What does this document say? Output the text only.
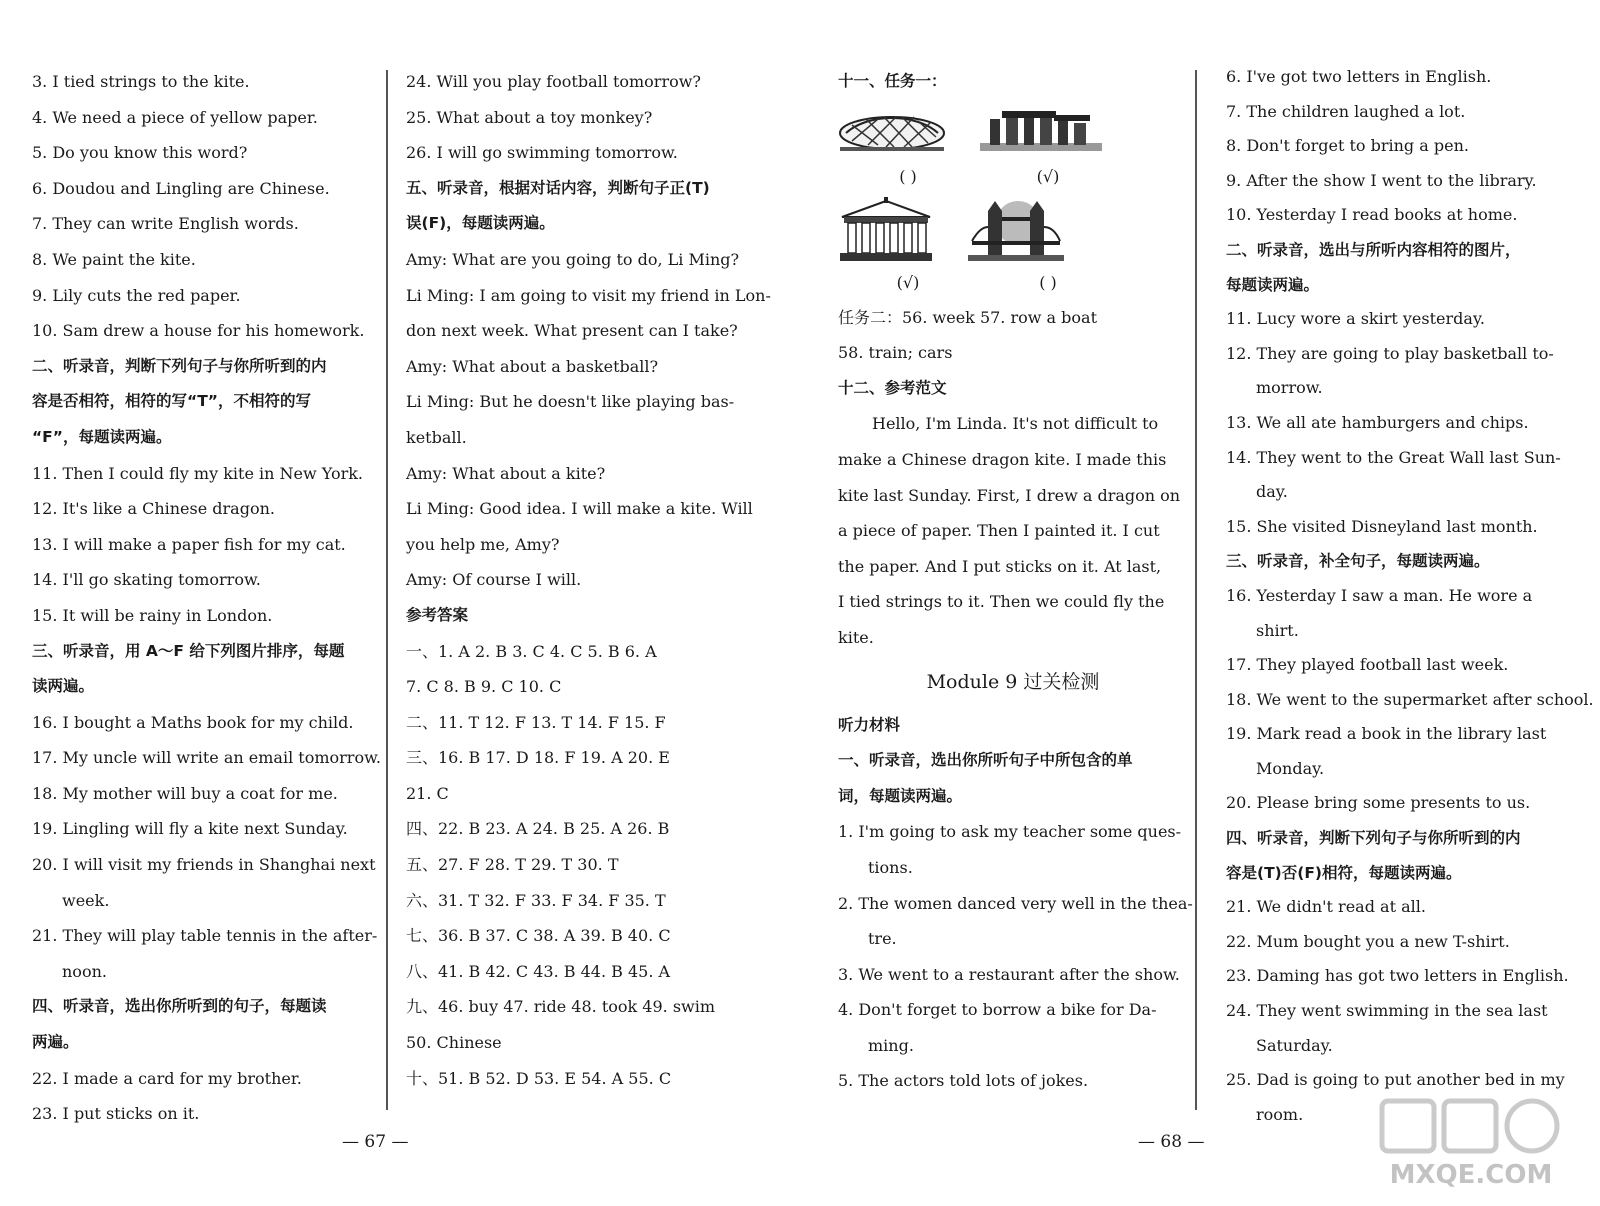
3. I tied strings to the kite.
4. We need a piece of yellow paper.
5. Do you know this word?
6. Doudou and Lingling are Chinese.
7. They can write English words.
8. We paint the kite.
9. Lily cuts the red paper.
10. Sam drew a house for his homework.
二、听录音，判断下列句子与你所听到的内
容是否相符，相符的写“T”，不相符的写
“F”，每题读两遍。
11. Then I could fly my kite in New York.
12. It's like a Chinese dragon.
13. I will make a paper fish for my cat.
14. I'll go skating tomorrow.
15. It will be rainy in London.
三、听录音，用 A～F 给下列图片排序，每题
读两遍。
16. I bought a Maths book for my child.
17. My uncle will write an email tomorrow.
18. My mother will buy a coat for me.
19. Lingling will fly a kite next Sunday.
20. I will visit my friends in Shanghai next
week.
21. They will play table tennis in the after-
noon.
四、听录音，选出你所听到的句子，每题读
两遍。
22. I made a card for my brother.
23. I put sticks on it.
24. Will you play football tomorrow?
25. What about a toy monkey?
26. I will go swimming tomorrow.
五、听录音，根据对话内容，判断句子正(T)
误(F)，每题读两遍。
Amy: What are you going to do, Li Ming?
Li Ming: I am going to visit my friend in Lon-
don next week. What present can I take?
Amy: What about a basketball?
Li Ming: But he doesn't like playing bas-
ketball.
Amy: What about a kite?
Li Ming: Good idea. I will make a kite. Will
you help me, Amy?
Amy: Of course I will.
参考答案
一、1. A 2. B 3. C 4. C 5. B 6. A
7. C 8. B 9. C 10. C
二、11. T 12. F 13. T 14. F 15. F
三、16. B 17. D 18. F 19. A 20. E
21. C
四、22. B 23. A 24. B 25. A 26. B
五、27. F 28. T 29. T 30. T
六、31. T 32. F 33. F 34. F 35. T
七、36. B 37. C 38. A 39. B 40. C
八、41. B 42. C 43. B 44. B 45. A
九、46. buy 47. ride 48. took 49. swim
50. Chinese
十、51. B 52. D 53. E 54. A 55. C
— 67 —
十一、任务一：
( )	(√)
(√)	( )
任务二：56. week 57. row a boat
58. train; cars
十二、参考范文
Hello, I'm Linda. It's not difficult to
make a Chinese dragon kite. I made this
kite last Sunday. First, I drew a dragon on
a piece of paper. Then I painted it. I cut
the paper. And I put sticks on it. At last,
I tied strings to it. Then we could fly the
kite.
Module 9 过关检测
听力材料
一、听录音，选出你所听句子中所包含的单
词，每题读两遍。
1. I'm going to ask my teacher some ques-
tions.
2. The women danced very well in the thea-
tre.
3. We went to a restaurant after the show.
4. Don't forget to borrow a bike for Da-
ming.
5. The actors told lots of jokes.
6. I've got two letters in English.
7. The children laughed a lot.
8. Don't forget to bring a pen.
9. After the show I went to the library.
10. Yesterday I read books at home.
二、听录音，选出与所听内容相符的图片，
每题读两遍。
11. Lucy wore a skirt yesterday.
12. They are going to play basketball to-
morrow.
13. We all ate hamburgers and chips.
14. They went to the Great Wall last Sun-
day.
15. She visited Disneyland last month.
三、听录音，补全句子，每题读两遍。
16. Yesterday I saw a man. He wore a
shirt.
17. They played football last week.
18. We went to the supermarket after school.
19. Mark read a book in the library last
Monday.
20. Please bring some presents to us.
四、听录音，判断下列句子与你所听到的内
容是(T)否(F)相符，每题读两遍。
21. We didn't read at all.
22. Mum bought you a new T-shirt.
23. Daming has got two letters in English.
24. They went swimming in the sea last
Saturday.
25. Dad is going to put another bed in my
room.
— 68 —
MXQE.COM
